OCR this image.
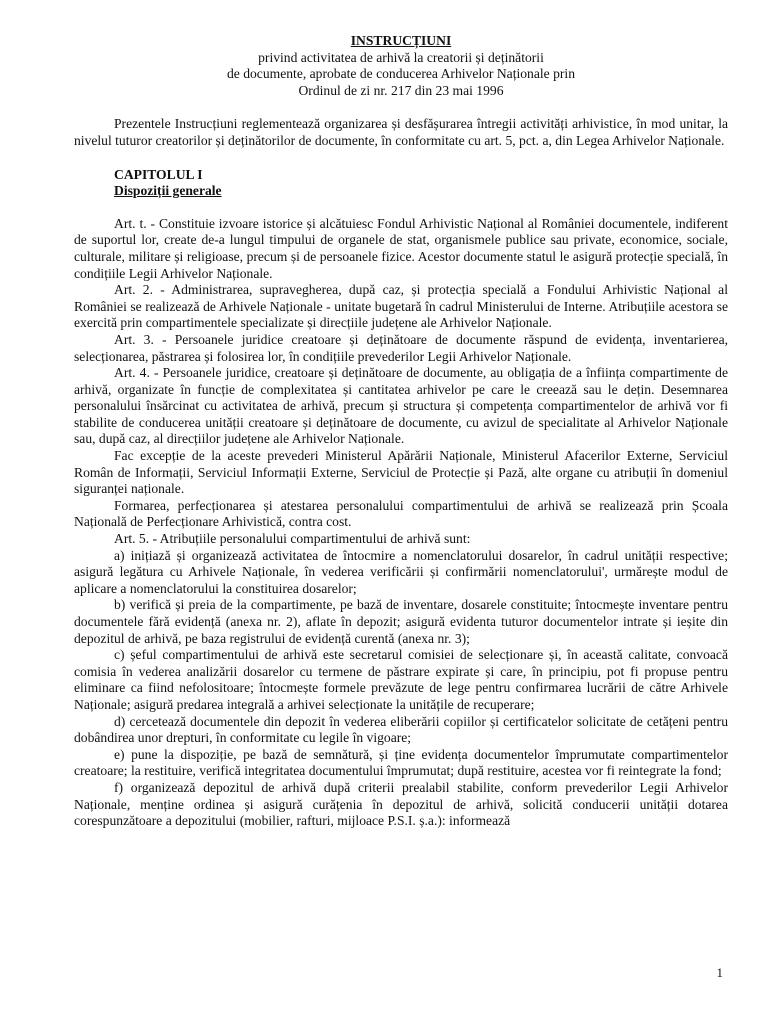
INSTRUCȚIUNI
privind activitatea de arhivă la creatorii și deținătorii
de documente, aprobate de conducerea Arhivelor Naționale prin
Ordinul de zi nr. 217 din 23 mai 1996

Prezentele Instrucțiuni reglementează organizarea și desfășurarea întregii activități arhivistice, în mod unitar, la nivelul tuturor creatorilor și deținătorilor de documente, în conformitate cu art. 5, pct. a, din Legea Arhivelor Naționale.

CAPITOLUL I

Dispoziții generale

Art. t. - Constituie izvoare istorice și alcătuiesc Fondul Arhivistic Național al României documentele, indiferent de suportul lor, create de-a lungul timpului de organele de stat, organismele publice sau private, economice, sociale, culturale, militare și religioase, precum și de persoanele fizice. Acestor documente statul le asigură protecție specială, în condițiile Legii Arhivelor Naționale.

Art. 2. - Administrarea, supravegherea, după caz, și protecția specială a Fondului Arhivistic Național al României se realizează de Arhivele Naționale - unitate bugetară în cadrul Ministerului de Interne. Atribuțiile acestora se exercită prin compartimentele specializate și direcțiile județene ale Arhivelor Naționale.

Art. 3. - Persoanele juridice creatoare și deținătoare de documente răspund de evidența, inventarierea, selecționarea, păstrarea și folosirea lor, în condițiile prevederilor Legii Arhivelor Naționale.

Art. 4. - Persoanele juridice, creatoare și deținătoare de documente, au obligația de a înființa compartimente de arhivă, organizate în funcție de complexitatea și cantitatea arhivelor pe care le creează sau le dețin. Desemnarea personalului însărcinat cu activitatea de arhivă, precum și structura și competența compartimentelor de arhivă vor fi stabilite de conducerea unității creatoare și deținătoare de documente, cu avizul de specialitate al Arhivelor Naționale sau, după caz, al direcțiilor județene ale Arhivelor Naționale.

Fac excepție de la aceste prevederi Ministerul Apărării Naționale, Ministerul Afacerilor Externe, Serviciul Român de Informații, Serviciul Informații Externe, Serviciul de Protecție și Pază, alte organe cu atribuții în domeniul siguranței naționale.

Formarea, perfecționarea și atestarea personalului compartimentului de arhivă se realizează prin Școala Națională de Perfecționare Arhivistică, contra cost.

Art. 5. - Atribuțiile personalului compartimentului de arhivă sunt:

a) inițiază și organizează activitatea de întocmire a nomenclatorului dosarelor, în cadrul unității respective; asigură legătura cu Arhivele Naționale, în vederea verificării și confirmării nomenclatorului', urmărește modul de aplicare a nomenclatorului la constituirea dosarelor;

b) verifică și preia de la compartimente, pe bază de inventare, dosarele constituite; întocmește inventare pentru documentele fără evidență (anexa nr. 2), aflate în depozit; asigură evidenta tuturor documentelor intrate și ieșite din depozitul de arhivă, pe baza registrului de evidență curentă (anexa nr. 3);

c) șeful compartimentului de arhivă este secretarul comisiei de selecționare și, în această calitate, convoacă comisia în vederea analizării dosarelor cu termene de păstrare expirate și care, în principiu, pot fi propuse pentru eliminare ca fiind nefolositoare; întocmește formele prevăzute de lege pentru confirmarea lucrării de către Arhivele Naționale; asigură predarea integrală a arhivei selecționate la unitățile de recuperare;

d) cercetează documentele din depozit în vederea eliberării copiilor și certificatelor solicitate de cetățeni pentru dobândirea unor drepturi, în conformitate cu legile în vigoare;

e) pune la dispoziție, pe bază de semnătură, și ține evidența documentelor împrumutate compartimentelor creatoare; la restituire, verifică integritatea documentului împrumutat; după restituire, acestea vor fi reintegrate la fond;

f) organizează depozitul de arhivă după criterii prealabil stabilite, conform prevederilor Legii Arhivelor Naționale, menține ordinea și asigură curățenia în depozitul de arhivă, solicită conducerii unității dotarea corespunzătoare a depozitului (mobilier, rafturi, mijloace P.S.I. ș.a.): informează

1
